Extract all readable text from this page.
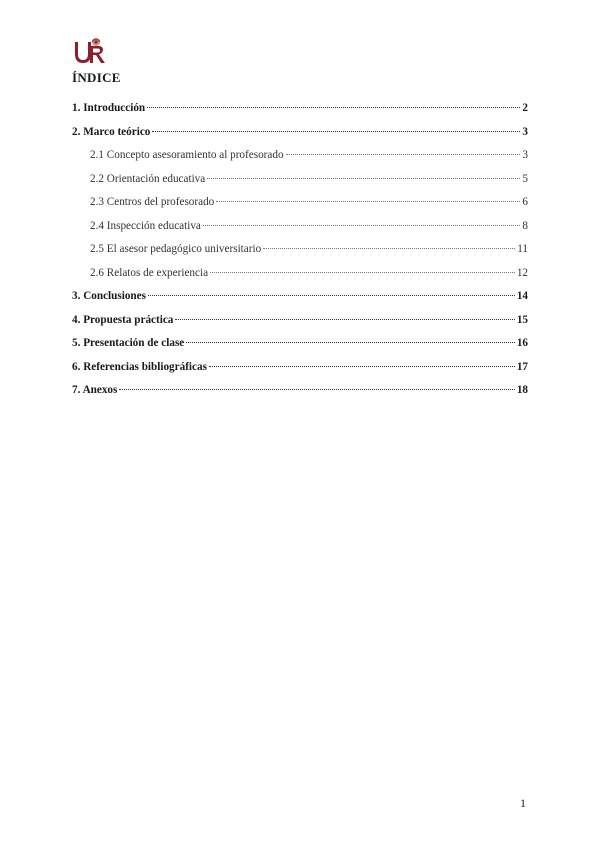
ÍNDICE
1. Introducción	2
2. Marco teórico	3
2.1 Concepto asesoramiento al profesorado	3
2.2 Orientación educativa	5
2.3 Centros del profesorado	6
2.4 Inspección educativa	8
2.5 El asesor pedagógico universitario	11
2.6 Relatos de experiencia	12
3. Conclusiones	14
4. Propuesta práctica	15
5. Presentación de clase	16
6. Referencias bibliográficas	17
7. Anexos	18
1
